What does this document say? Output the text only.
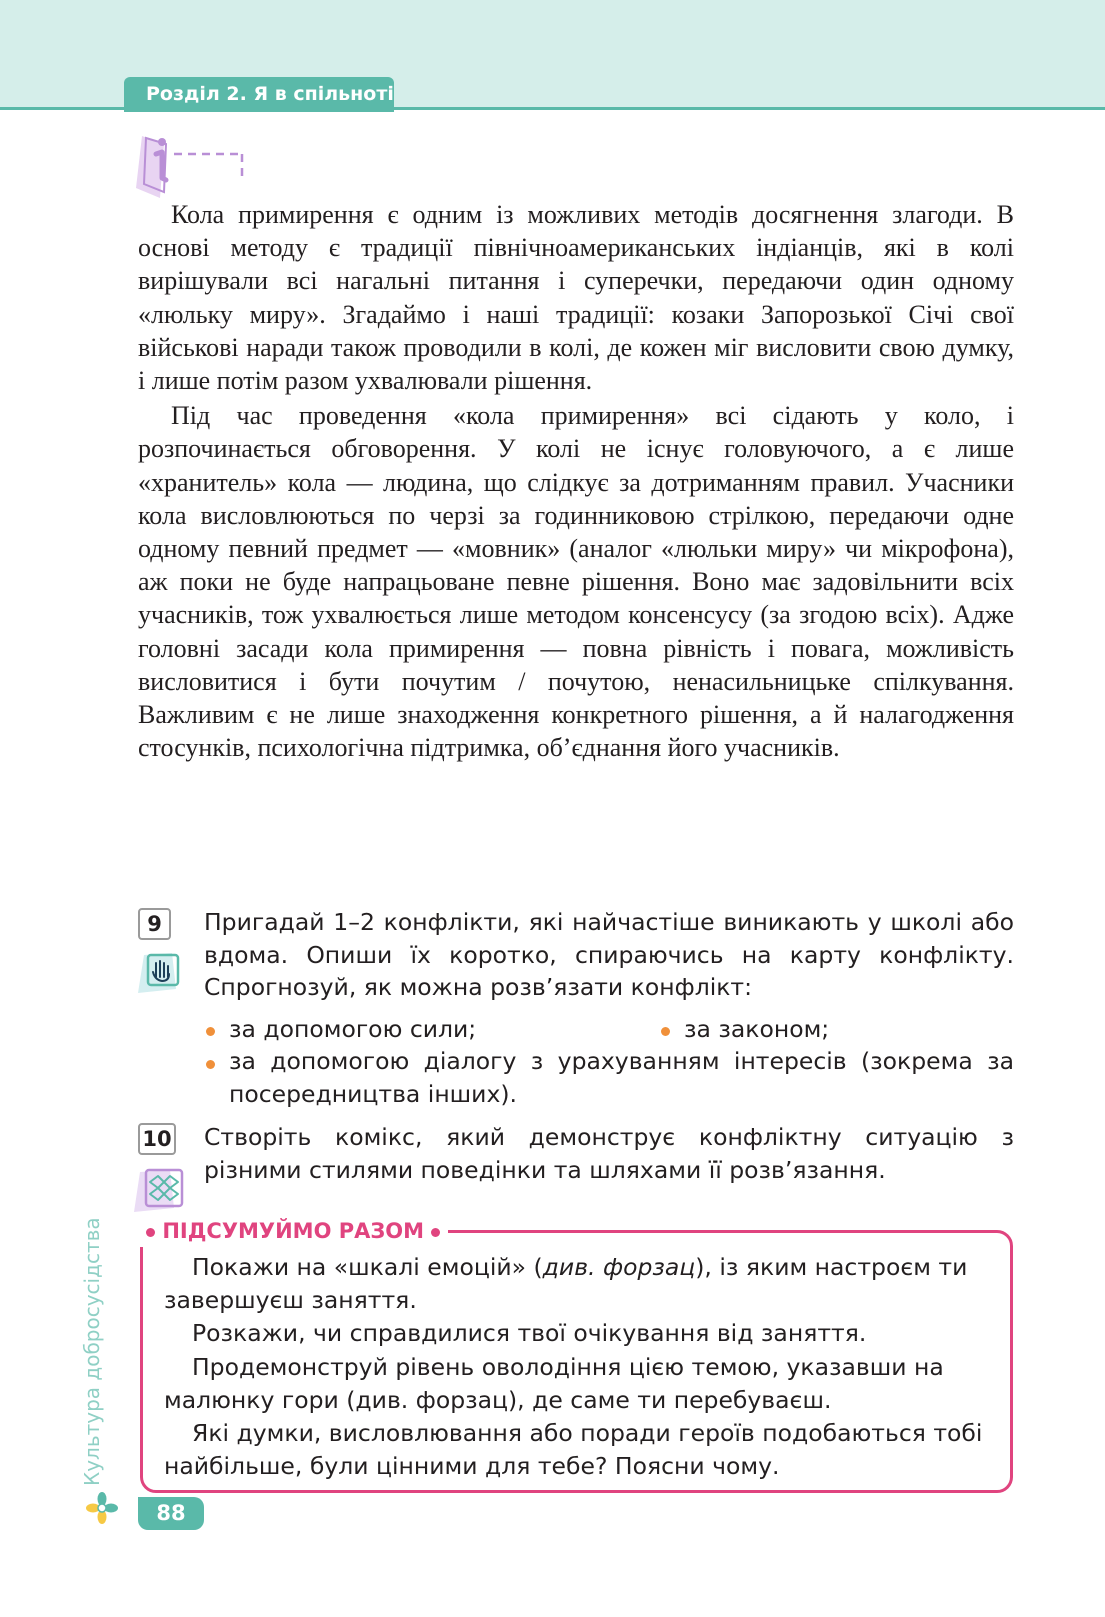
Розділ 2. Я в спільноті

Кола примирення є одним із можливих методів досягнення злагоди. В основі методу є традиції північноамериканських індіанців, які в колі вирішували всі нагальні питання і суперечки, передаючи один одному «люльку миру». Згадаймо і наші традиції: козаки Запорозької Січі свої військові наради також проводили в колі, де кожен міг висловити свою думку, і лише потім разом ухвалювали рішення.

Під час проведення «кола примирення» всі сідають у коло, і розпочинається обговорення. У колі не існує головуючого, а є лише «хранитель» кола — людина, що слідкує за дотриманням правил. Учасники кола висловлюються по черзі за годинниковою стрілкою, передаючи одне одному певний предмет — «мовник» (аналог «люльки миру» чи мікрофона), аж поки не буде напрацьоване певне рішення. Воно має задовільнити всіх учасників, тож ухвалюється лише методом консенсусу (за згодою всіх). Адже головні засади кола примирення — повна рівність і повага, можливість висловитися і бути почутим / почутою, ненасильницьке спілкування. Важливим є не лише знаходження конкретного рішення, а й налагодження стосунків, психологічна підтримка, об’єднання його учасників.

9	Пригадай 1–2 конфлікти, які найчастіше виникають у школі або вдома. Опиши їх коротко, спираючись на карту конфлікту. Спрогнозуй, як можна розв’язати конфлікт:
за допомогою сили;	за законом;
за допомогою діалогу з урахуванням інтересів (зокрема за посередництва інших).
10 Створіть комікс, який демонструє конфліктну ситуацію з різними стилями поведінки та шляхами її розв’язання.
ПІДСУМУЙМО РАЗОМ

Покажи на «шкалі емоцій» (див. форзац), із яким настроєм ти завершуєш заняття.

Розкажи, чи справдилися твої очікування від заняття.

Продемонструй рівень оволодіння цією темою, указавши на малюнку гори (див. форзац), де саме ти перебуваєш.

Які думки, висловлювання або поради героїв подобаються тобі найбільше, були цінними для тебе? Поясни чому.

Культура добросусідства
88
